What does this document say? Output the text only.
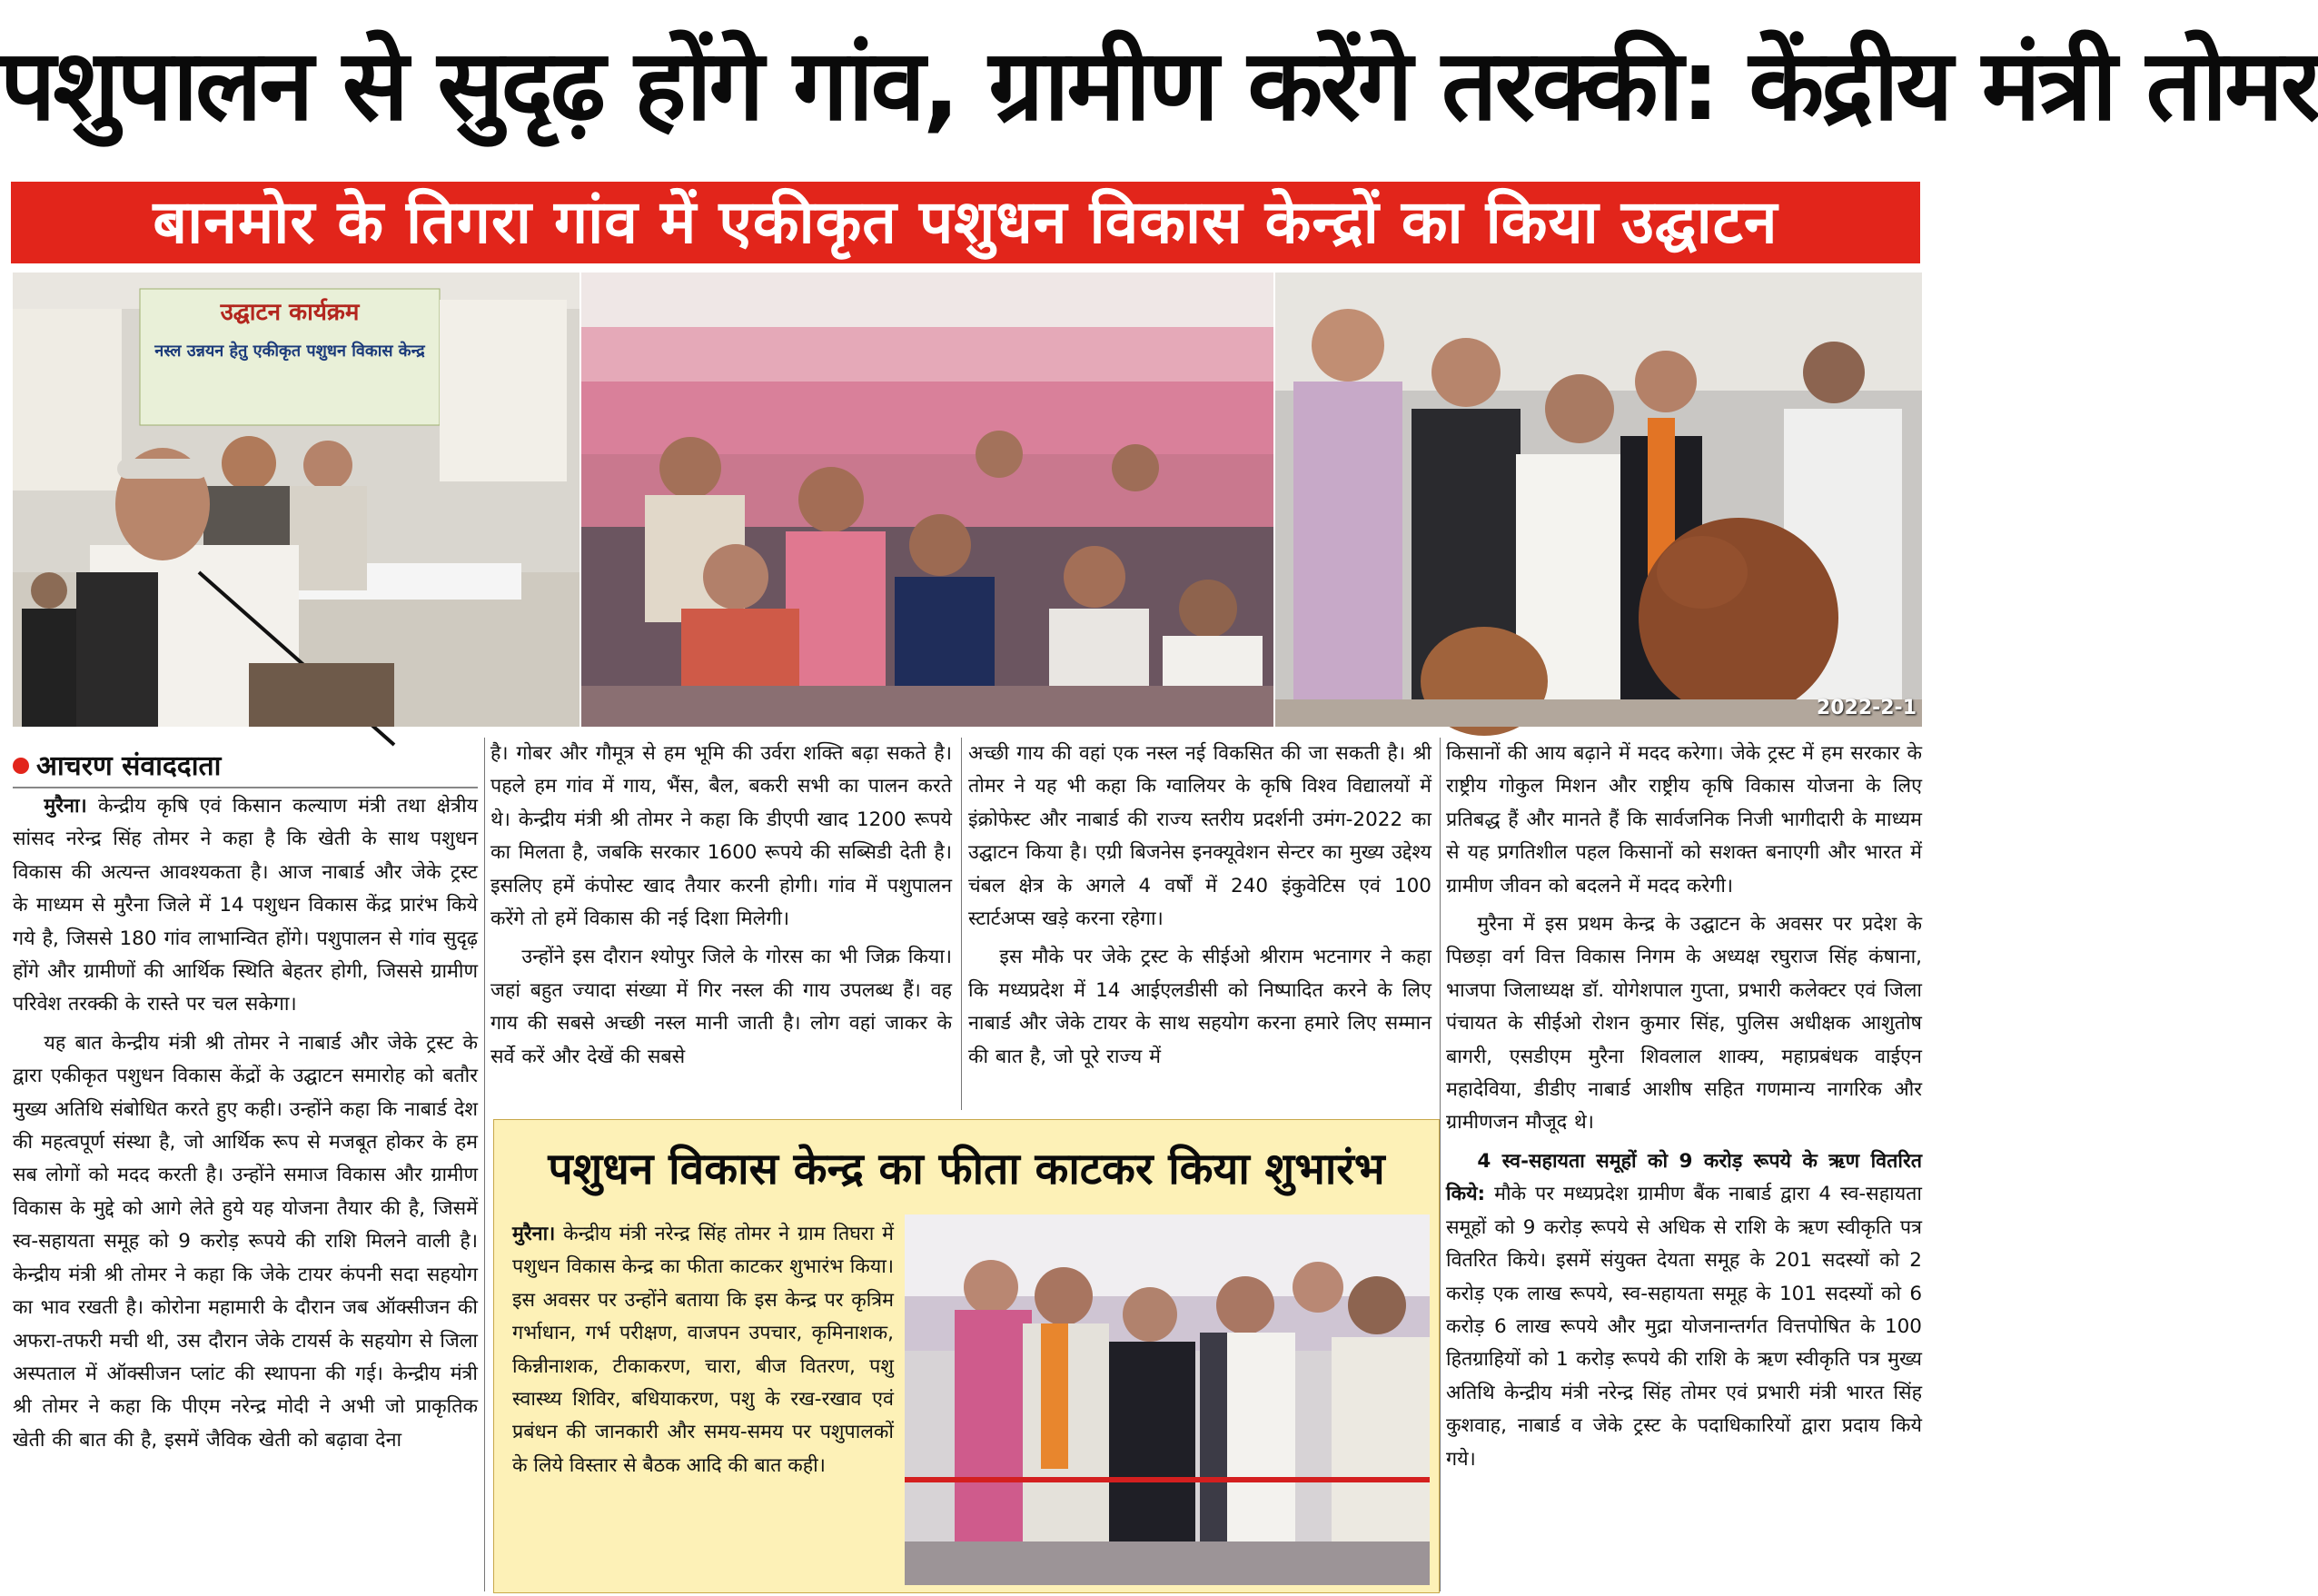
पशुपालन से सुदृढ़ होंगे गांव, ग्रामीण करेंगे तरक्की: केंद्रीय मंत्री तोमर
बानमोर के तिगरा गांव में एकीकृत पशुधन विकास केन्द्रों का किया उद्घाटन
उद्घाटन कार्यक्रम
नस्ल उन्नयन हेतु एकीकृत पशुधन विकास केन्द्र
2022-2-1
आचरण संवाददाता

मुरैना। केन्द्रीय कृषि एवं किसान कल्याण मंत्री तथा क्षेत्रीय सांसद नरेन्द्र सिंह तोमर ने कहा है कि खेती के साथ पशुधन विकास की अत्यन्त आवश्यकता है। आज नाबार्ड और जेके ट्रस्ट के माध्यम से मुरैना जिले में 14 पशुधन विकास केंद्र प्रारंभ किये गये है, जिससे 180 गांव लाभान्वित होंगे। पशुपालन से गांव सुदृढ़ होंगे और ग्रामीणों की आर्थिक स्थिति बेहतर होगी, जिससे ग्रामीण परिवेश तरक्की के रास्ते पर चल सकेगा।

यह बात केन्द्रीय मंत्री श्री तोमर ने नाबार्ड और जेके ट्रस्ट के द्वारा एकीकृत पशुधन विकास केंद्रों के उद्घाटन समारोह को बतौर मुख्य अतिथि संबोधित करते हुए कही। उन्होंने कहा कि नाबार्ड देश की महत्वपूर्ण संस्था है, जो आर्थिक रूप से मजबूत होकर के हम सब लोगों को मदद करती है। उन्होंने समाज विकास और ग्रामीण विकास के मुद्दे को आगे लेते हुये यह योजना तैयार की है, जिसमें स्व-सहायता समूह को 9 करोड़ रूपये की राशि मिलने वाली है। केन्द्रीय मंत्री श्री तोमर ने कहा कि जेके टायर कंपनी सदा सहयोग का भाव रखती है। कोरोना महामारी के दौरान जब ऑक्सीजन की अफरा-तफरी मची थी, उस दौरान जेके टायर्स के सहयोग से जिला अस्पताल में ऑक्सीजन प्लांट की स्थापना की गई। केन्द्रीय मंत्री श्री तोमर ने कहा कि पीएम नरेन्द्र मोदी ने अभी जो प्राकृतिक खेती की बात की है, इसमें जैविक खेती को बढ़ावा देना

है। गोबर और गौमूत्र से हम भूमि की उर्वरा शक्ति बढ़ा सकते है। पहले हम गांव में गाय, भैंस, बैल, बकरी सभी का पालन करते थे। केन्द्रीय मंत्री श्री तोमर ने कहा कि डीएपी खाद 1200 रूपये का मिलता है, जबकि सरकार 1600 रूपये की सब्सिडी देती है। इसलिए हमें कंपोस्ट खाद तैयार करनी होगी। गांव में पशुपालन करेंगे तो हमें विकास की नई दिशा मिलेगी।

उन्होंने इस दौरान श्योपुर जिले के गोरस का भी जिक्र किया। जहां बहुत ज्यादा संख्या में गिर नस्ल की गाय उपलब्ध हैं। वह गाय की सबसे अच्छी नस्ल मानी जाती है। लोग वहां जाकर के सर्वे करें और देखें की सबसे

अच्छी गाय की वहां एक नस्ल नई विकसित की जा सकती है। श्री तोमर ने यह भी कहा कि ग्वालियर के कृषि विश्व विद्यालयों में इंक्रोफेस्ट और नाबार्ड की राज्य स्तरीय प्रदर्शनी उमंग-2022 का उद्घाटन किया है। एग्री बिजनेस इनक्यूवेशन सेन्टर का मुख्य उद्देश्य चंबल क्षेत्र के अगले 4 वर्षों में 240 इंकुवेटिस एवं 100 स्टार्टअप्स खड़े करना रहेगा।

इस मौके पर जेके ट्रस्ट के सीईओ श्रीराम भटनागर ने कहा कि मध्यप्रदेश में 14 आईएलडीसी को निष्पादित करने के लिए नाबार्ड और जेके टायर के साथ सहयोग करना हमारे लिए सम्मान की बात है, जो पूरे राज्य में

किसानों की आय बढ़ाने में मदद करेगा। जेके ट्रस्ट में हम सरकार के राष्ट्रीय गोकुल मिशन और राष्ट्रीय कृषि विकास योजना के लिए प्रतिबद्ध हैं और मानते हैं कि सार्वजनिक निजी भागीदारी के माध्यम से यह प्रगतिशील पहल किसानों को सशक्त बनाएगी और भारत में ग्रामीण जीवन को बदलने में मदद करेगी।

मुरैना में इस प्रथम केन्द्र के उद्घाटन के अवसर पर प्रदेश के पिछड़ा वर्ग वित्त विकास निगम के अध्यक्ष रघुराज सिंह कंषाना, भाजपा जिलाध्यक्ष डॉ. योगेशपाल गुप्ता, प्रभारी कलेक्टर एवं जिला पंचायत के सीईओ रोशन कुमार सिंह, पुलिस अधीक्षक आशुतोष बागरी, एसडीएम मुरैना शिवलाल शाक्य, महाप्रबंधक वाईएन महादेविया, डीडीए नाबार्ड आशीष सहित गणमान्य नागरिक और ग्रामीणजन मौजूद थे।

4 स्व-सहायता समूहों को 9 करोड़ रूपये के ऋण वितरित किये: मौके पर मध्यप्रदेश ग्रामीण बैंक नाबार्ड द्वारा 4 स्व-सहायता समूहों को 9 करोड़ रूपये से अधिक से राशि के ऋण स्वीकृति पत्र वितरित किये। इसमें संयुक्त देयता समूह के 201 सदस्यों को 2 करोड़ एक लाख रूपये, स्व-सहायता समूह के 101 सदस्यों को 6 करोड़ 6 लाख रूपये और मुद्रा योजनान्तर्गत वित्तपोषित के 100 हितग्राहियों को 1 करोड़ रूपये की राशि के ऋण स्वीकृति पत्र मुख्य अतिथि केन्द्रीय मंत्री नरेन्द्र सिंह तोमर एवं प्रभारी मंत्री भारत सिंह कुशवाह, नाबार्ड व जेके ट्रस्ट के पदाधिकारियों द्वारा प्रदाय किये गये।

पशुधन विकास केन्द्र का फीता काटकर किया शुभारंभ

मुरैना। केन्द्रीय मंत्री नरेन्द्र सिंह तोमर ने ग्राम तिघरा में पशुधन विकास केन्द्र का फीता काटकर शुभारंभ किया। इस अवसर पर उन्होंने बताया कि इस केन्द्र पर कृत्रिम गर्भाधान, गर्भ परीक्षण, वाजपन उपचार, कृमिनाशक, किन्नीनाशक, टीकाकरण, चारा, बीज वितरण, पशु स्वास्थ्य शिविर, बधियाकरण, पशु के रख-रखाव एवं प्रबंधन की जानकारी और समय-समय पर पशुपालकों के लिये विस्तार से बैठक आदि की बात कही।
